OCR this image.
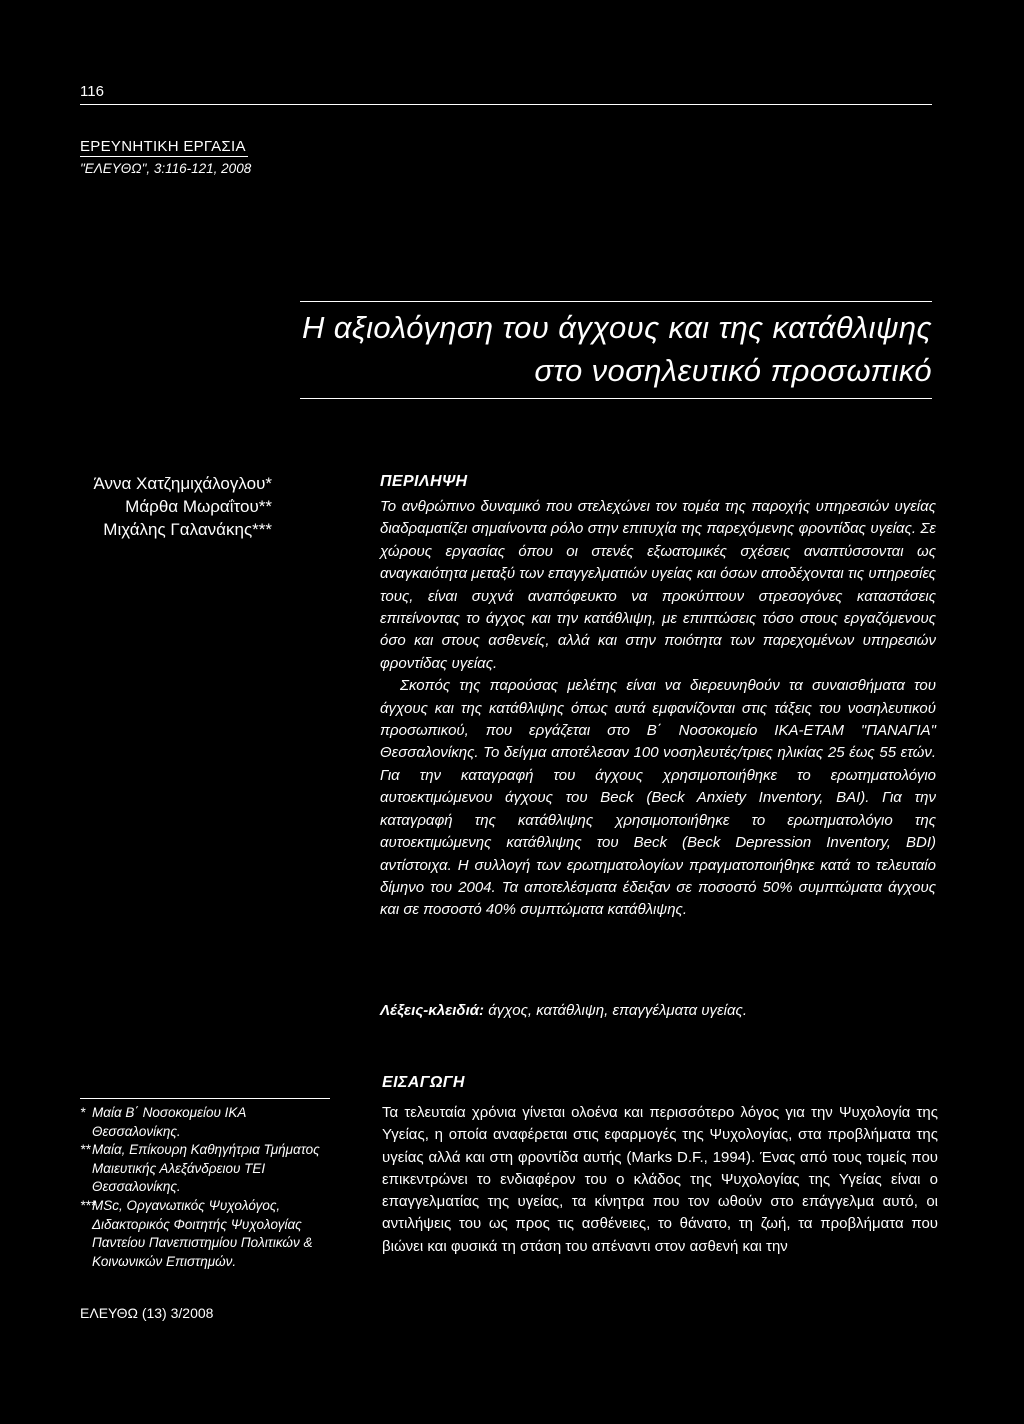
116
ΕΡΕΥΝΗΤΙΚΗ ΕΡΓΑΣΙΑ
"ΕΛΕΥΘΩ", 3:116-121, 2008
Η αξιολόγηση του άγχους και της κατάθλιψης
στο νοσηλευτικό προσωπικό
Άννα Χατζημιχάλογλου*
Μάρθα Μωραΐτου**
Μιχάλης Γαλανάκης***
ΠΕΡΙΛΗΨΗ

Το ανθρώπινο δυναμικό που στελεχώνει τον τομέα της παροχής υπηρεσιών υγείας διαδραματίζει σημαίνοντα ρόλο στην επιτυχία της παρεχόμενης φροντίδας υγείας. Σε χώρους εργασίας όπου οι στενές εξωατομικές σχέσεις αναπτύσσονται ως αναγκαιότητα μεταξύ των επαγγελματιών υγείας και όσων αποδέχονται τις υπηρεσίες τους, είναι συχνά αναπόφευκτο να προκύπτουν στρεσογόνες καταστάσεις επιτείνοντας το άγχος και την κατάθλιψη, με επιπτώσεις τόσο στους εργαζόμενους όσο και στους ασθενείς, αλλά και στην ποιότητα των παρεχομένων υπηρεσιών φροντίδας υγείας.

Σκοπός της παρούσας μελέτης είναι να διερευνηθούν τα συναισθήματα του άγχους και της κατάθλιψης όπως αυτά εμφανίζονται στις τάξεις του νοσηλευτικού προσωπικού, που εργάζεται στο Β΄ Νοσοκομείο ΙΚΑ-ΕΤΑΜ "ΠΑΝΑΓΙΑ" Θεσσαλονίκης. Το δείγμα αποτέλεσαν 100 νοσηλευτές/τριες ηλικίας 25 έως 55 ετών. Για την καταγραφή του άγχους χρησιμοποιήθηκε το ερωτηματολόγιο αυτοεκτιμώμενου άγχους του Beck (Beck Anxiety Inventory, BAI). Για την καταγραφή της κατάθλιψης χρησιμοποιήθηκε το ερωτηματολόγιο της αυτοεκτιμώμενης κατάθλιψης του Beck (Beck Depression Inventory, BDI) αντίστοιχα. Η συλλογή των ερωτηματολογίων πραγματοποιήθηκε κατά το τελευταίο δίμηνο του 2004. Τα αποτελέσματα έδειξαν σε ποσοστό 50% συμπτώματα άγχους και σε ποσοστό 40% συμπτώματα κατάθλιψης.

Λέξεις-κλειδιά: άγχος, κατάθλιψη, επαγγέλματα υγείας.

* Μαία Β΄ Νοσοκομείου ΙΚΑ Θεσσαλονίκης.

** Μαία, Επίκουρη Καθηγήτρια Τμήματος Μαιευτικής Αλεξάνδρειου ΤΕΙ Θεσσαλονίκης.

***
MSc, Οργανωτικός Ψυχολόγος, Διδακτορικός Φοιτητής Ψυχολογίας Παντείου Πανεπιστημίου Πολιτικών & Κοινωνικών Επιστημών.

ΕΙΣΑΓΩΓΗ

Τα τελευταία χρόνια γίνεται ολοένα και περισσότερο λόγος για την Ψυχολογία της Υγείας, η οποία αναφέρεται στις εφαρμογές της Ψυχολογίας, στα προβλήματα της υγείας αλλά και στη φροντίδα αυτής (Marks D.F., 1994). Ένας από τους τομείς που επικεντρώνει το ενδιαφέρον του ο κλάδος της Ψυχολογίας της Υγείας είναι ο επαγγελματίας της υγείας, τα κίνητρα που τον ωθούν στο επάγγελμα αυτό, οι αντιλήψεις του ως προς τις ασθένειες, το θάνατο, τη ζωή, τα προβλήματα που βιώνει και φυσικά τη στάση του απέναντι στον ασθενή και την

ΕΛΕΥΘΩ (13) 3/2008
